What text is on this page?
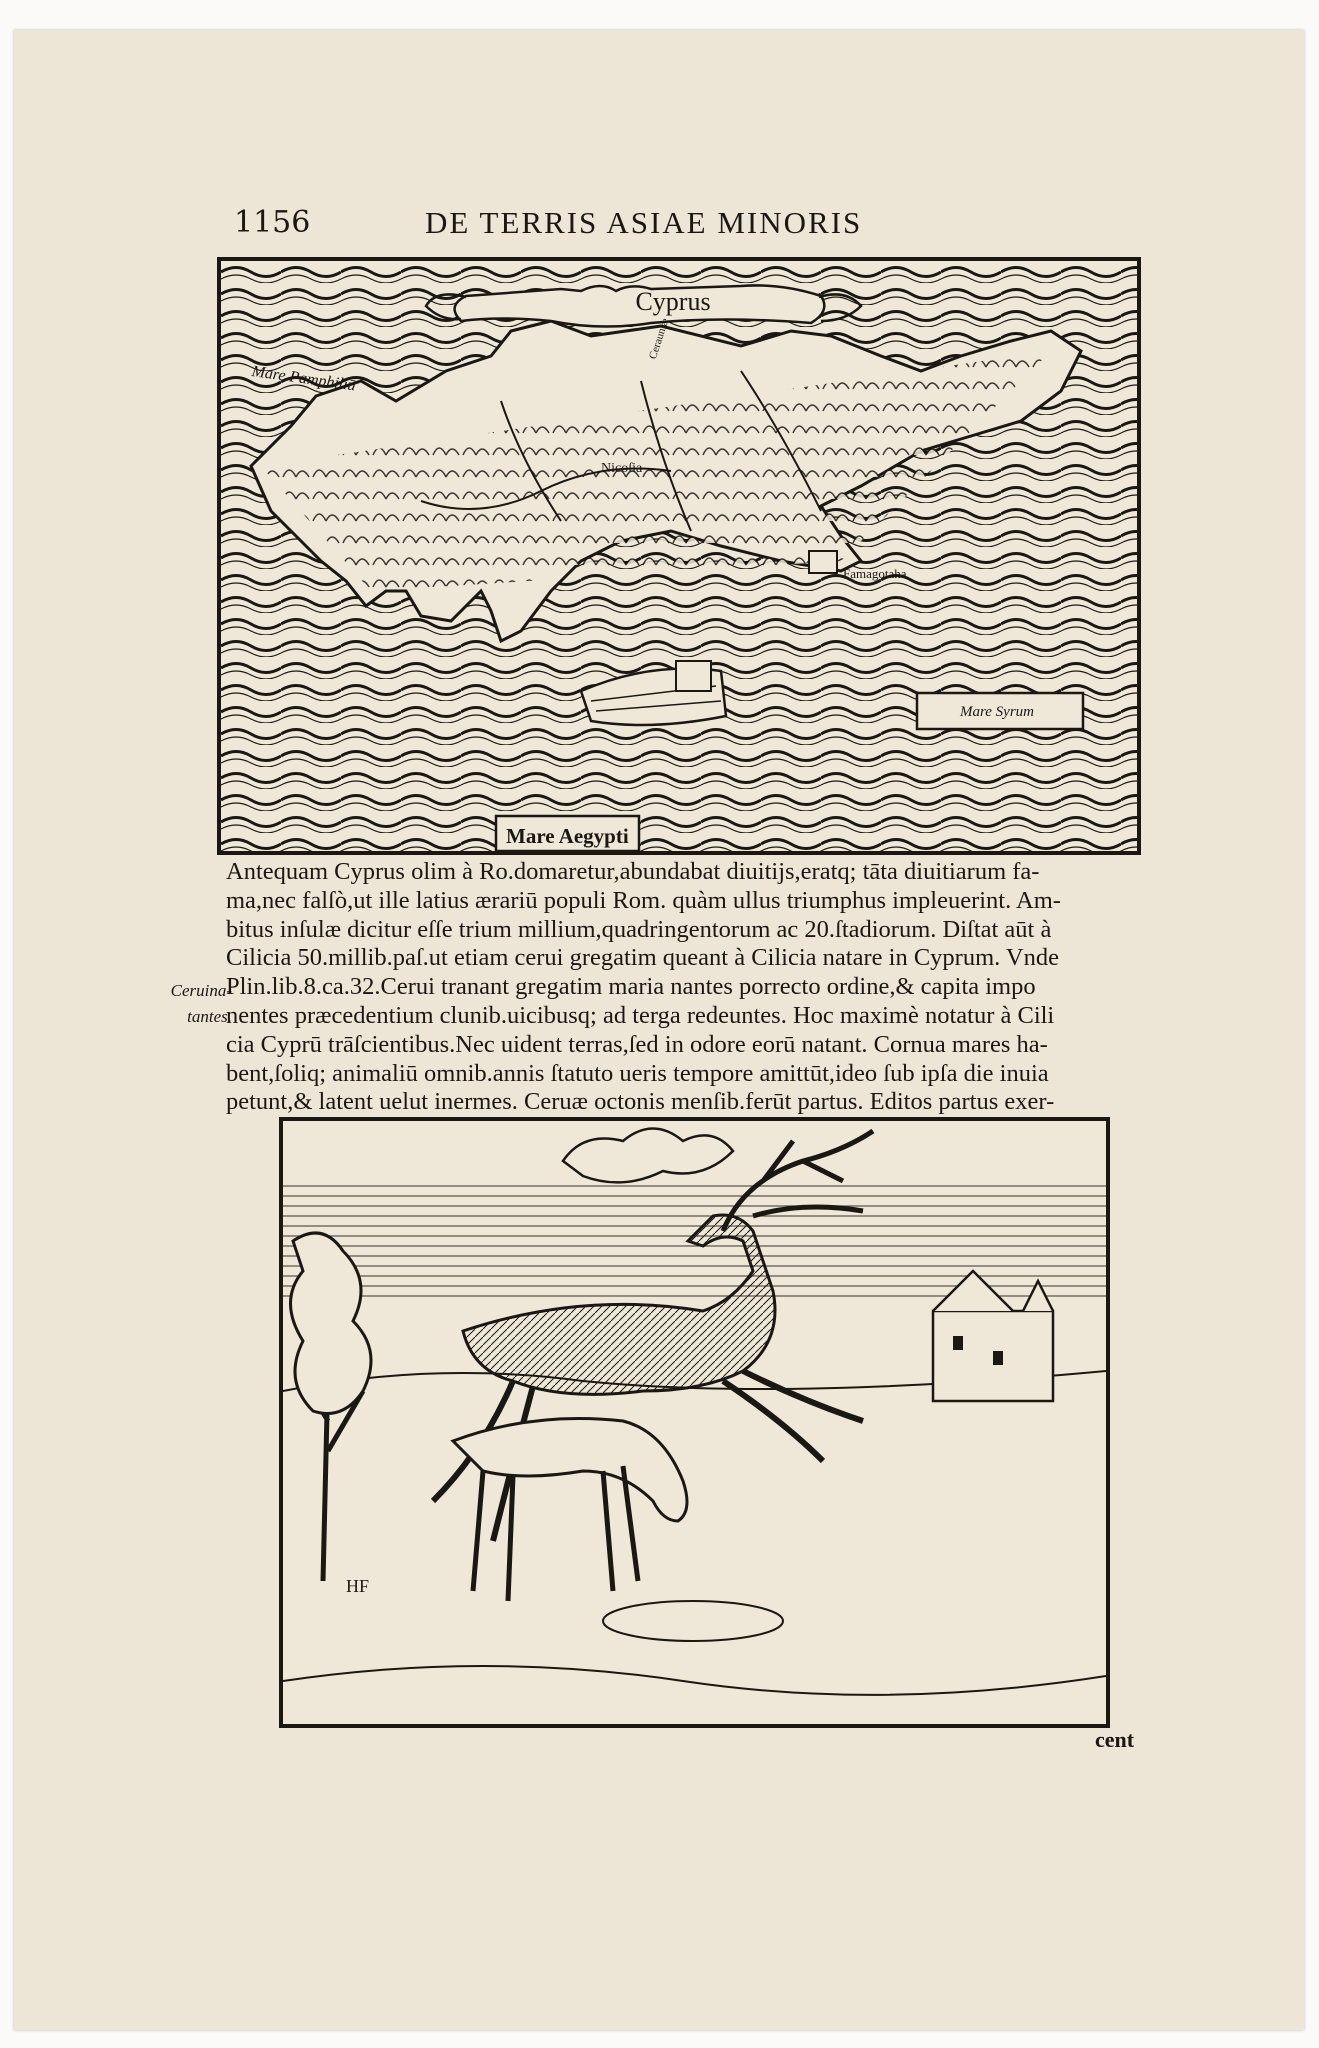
1156	DE TERRIS ASIAE MINORIS
Cyprus
Mare Pamphiliū
Cerauniæ
Nicoſia
Famagotaha
Mare Syrum
Mare Aegypti
Ceruina-
tantes.
Antequam Cyprus olim à Ro.domaretur,abundabat diuitijs,eratq; tāta diuitiarum fa-
ma,nec falſò,ut ille latius ærariū populi Rom. quàm ullus triumphus impleuerint. Am-
bitus inſulæ dicitur eſſe trium millium,quadringentorum ac 20.ſtadiorum. Diſtat aūt à
Cilicia 50.millib.paſ.ut etiam cerui gregatim queant à Cilicia natare in Cyprum. Vnde
Plin.lib.8.ca.32.Cerui tranant gregatim maria nantes porrecto ordine,& capita impo
nentes præcedentium clunib.uicibusq; ad terga redeuntes. Hoc maximè notatur à Cili
cia Cyprū trāſcientibus.Nec uident terras,ſed in odore eorū natant. Cornua mares ha-
bent,ſoliq; animaliū omnib.annis ſtatuto ueris tempore amittūt,ideo ſub ipſa die inuia
petunt,& latent uelut inermes. Ceruæ octonis menſib.ferūt partus. Editos partus exer-
HF
cent
